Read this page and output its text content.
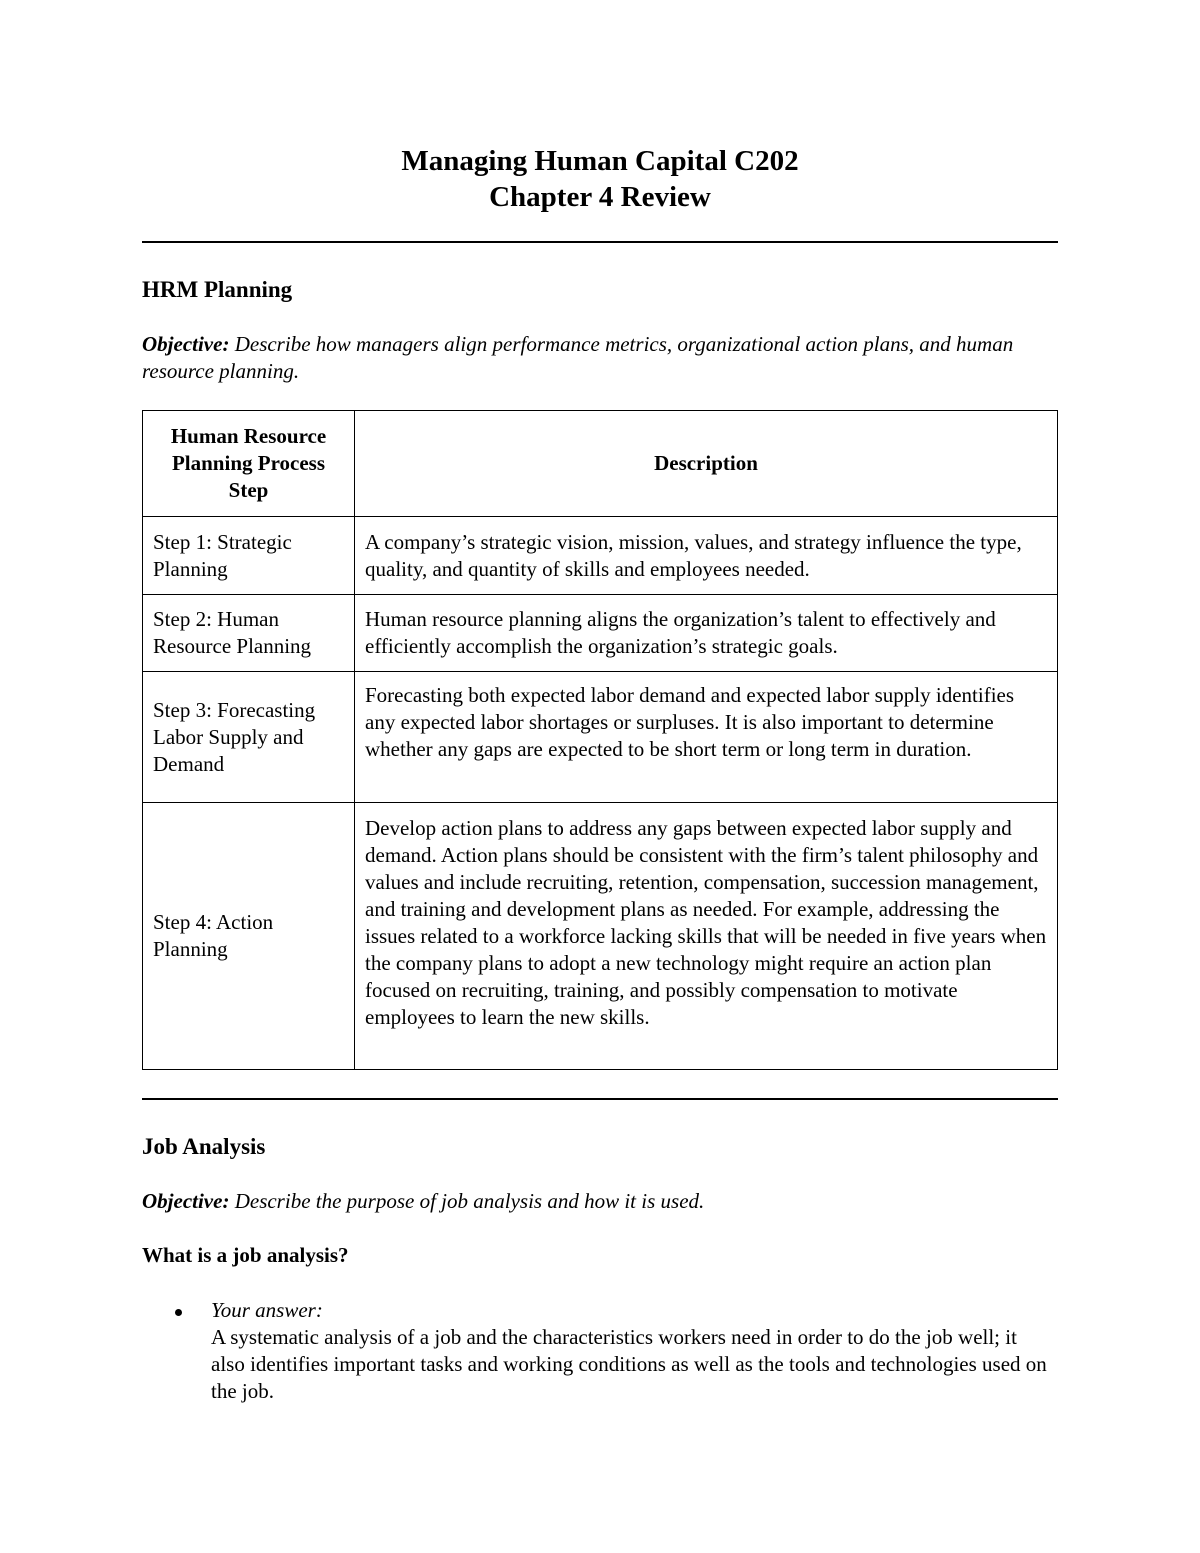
Managing Human Capital C202
Chapter 4 Review
HRM Planning
Objective: Describe how managers align performance metrics, organizational action plans, and human resource planning.
Human Resource Planning Process Step	Description
Step 1: Strategic Planning	A company’s strategic vision, mission, values, and strategy influence the type, quality, and quantity of skills and employees needed.
Step 2: Human Resource Planning	Human resource planning aligns the organization’s talent to effectively and efficiently accomplish the organization’s strategic goals.
Step 3: Forecasting Labor Supply and Demand	Forecasting both expected labor demand and expected labor supply identifies any expected labor shortages or surpluses. It is also important to determine whether any gaps are expected to be short term or long term in duration.
Step 4: Action Planning	Develop action plans to address any gaps between expected labor supply and demand. Action plans should be consistent with the firm’s talent philosophy and values and include recruiting, retention, compensation, succession management, and training and development plans as needed. For example, addressing the issues related to a workforce lacking skills that will be needed in five years when the company plans to adopt a new technology might require an action plan focused on recruiting, training, and possibly compensation to motivate employees to learn the new skills.
Job Analysis
Objective: Describe the purpose of job analysis and how it is used.
What is a job analysis?
Your answer:
A systematic analysis of a job and the characteristics workers need in order to do the job well; it also identifies important tasks and working conditions as well as the tools and technologies used on the job.
